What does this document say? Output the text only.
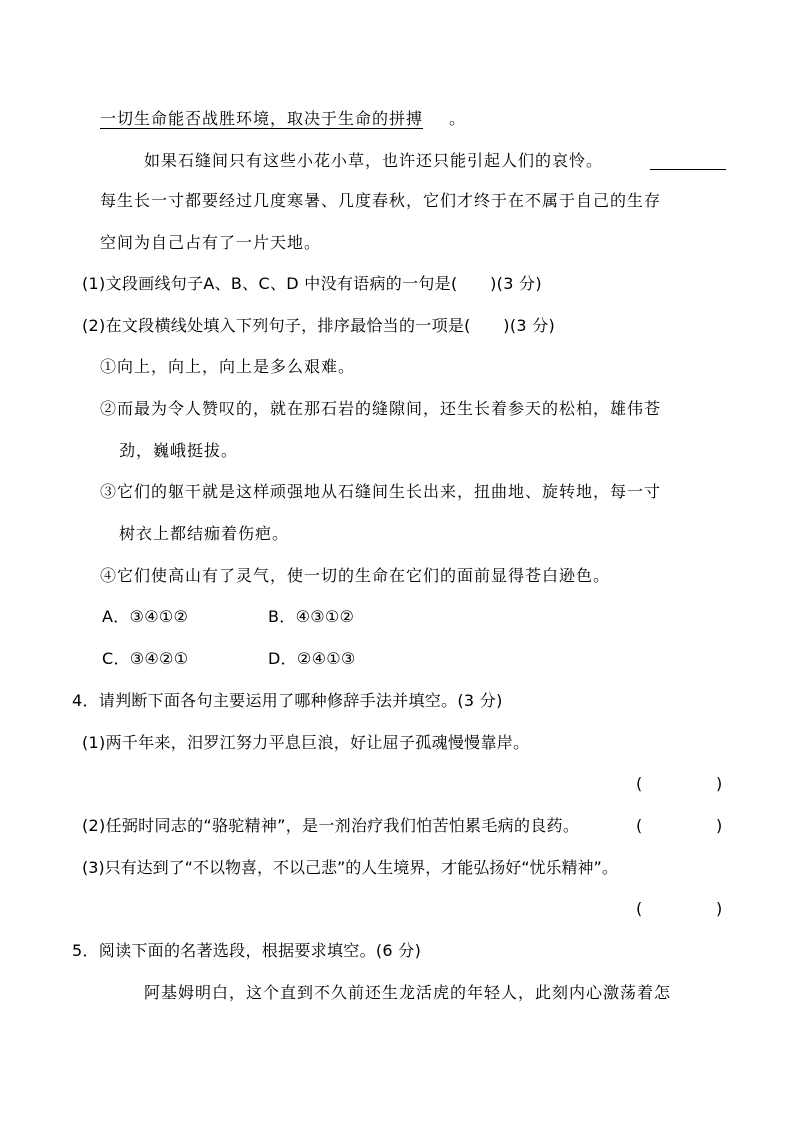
一切生命能否战胜环境，取决于生命的拼搏 。
如果石缝间只有这些小花小草，也许还只能引起人们的哀怜。
每生长一寸都要经过几度寒暑、几度春秋，它们才终于在不属于自己的生存
空间为自己占有了一片天地。
(1)文段画线句子A、B、C、D 中没有语病的一句是(　　)(3 分)
(2)在文段横线处填入下列句子，排序最恰当的一项是(　　)(3 分)
①向上，向上，向上是多么艰难。
②而最为令人赞叹的，就在那石岩的缝隙间，还生长着参天的松柏，雄伟苍
劲，巍峨挺拔。
③它们的躯干就是这样顽强地从石缝间生长出来，扭曲地、旋转地，每一寸
树衣上都结痂着伤疤。
④它们使高山有了灵气，使一切的生命在它们的面前显得苍白逊色。
A．③④①②	B．④③①②
C．③④②①	D．②④①③
4．请判断下面各句主要运用了哪种修辞手法并填空。(3 分)
(1)两千年来，汨罗江努力平息巨浪，好让屈子孤魂慢慢靠岸。
(	)
(2)任弼时同志的“骆驼精神”，是一剂治疗我们怕苦怕累毛病的良药。	(	)
(3)只有达到了“不以物喜，不以己悲”的人生境界，才能弘扬好“忧乐精神”。
(	)
5．阅读下面的名著选段，根据要求填空。(6 分)
阿基姆明白，这个直到不久前还生龙活虎的年轻人，此刻内心激荡着怎
